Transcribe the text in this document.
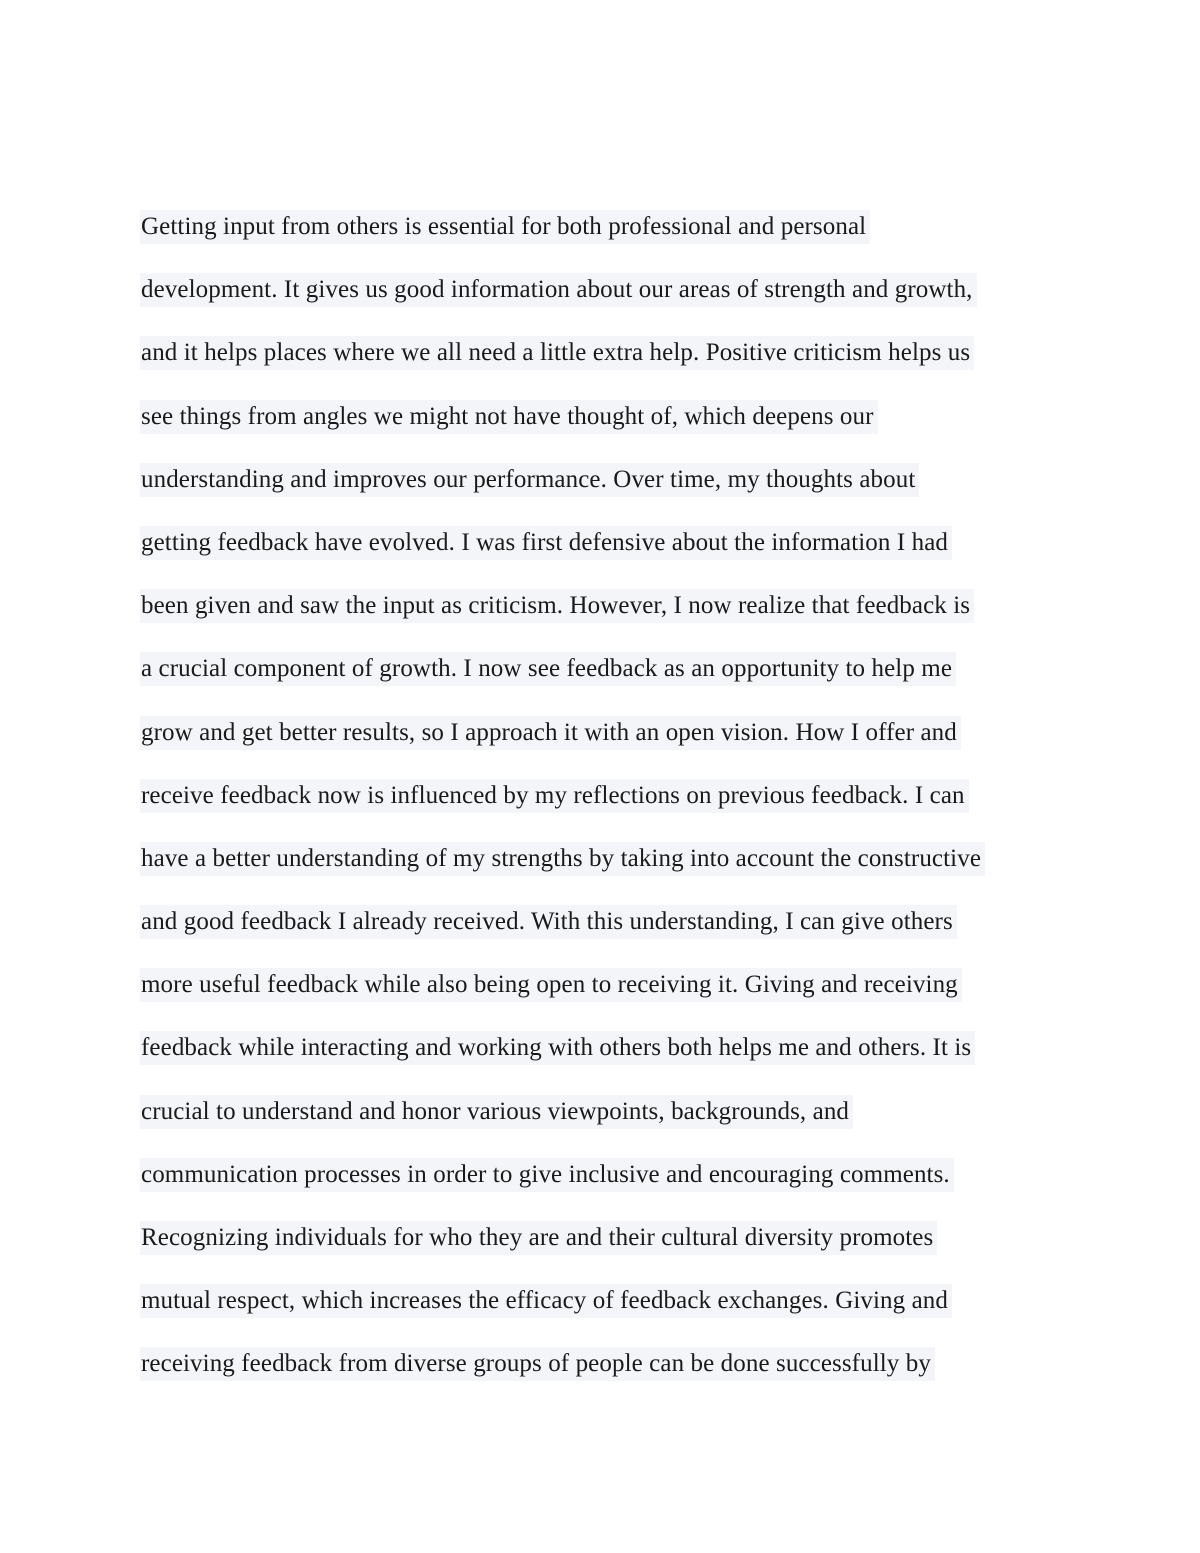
Getting input from others is essential for both professional and personal
development. It gives us good information about our areas of strength and growth,
and it helps places where we all need a little extra help. Positive criticism helps us
see things from angles we might not have thought of, which deepens our
understanding and improves our performance. Over time, my thoughts about
getting feedback have evolved. I was first defensive about the information I had
been given and saw the input as criticism. However, I now realize that feedback is
a crucial component of growth. I now see feedback as an opportunity to help me
grow and get better results, so I approach it with an open vision. How I offer and
receive feedback now is influenced by my reflections on previous feedback. I can
have a better understanding of my strengths by taking into account the constructive
and good feedback I already received. With this understanding, I can give others
more useful feedback while also being open to receiving it. Giving and receiving
feedback while interacting and working with others both helps me and others. It is
crucial to understand and honor various viewpoints, backgrounds, and
communication processes in order to give inclusive and encouraging comments.
Recognizing individuals for who they are and their cultural diversity promotes
mutual respect, which increases the efficacy of feedback exchanges. Giving and
receiving feedback from diverse groups of people can be done successfully by
